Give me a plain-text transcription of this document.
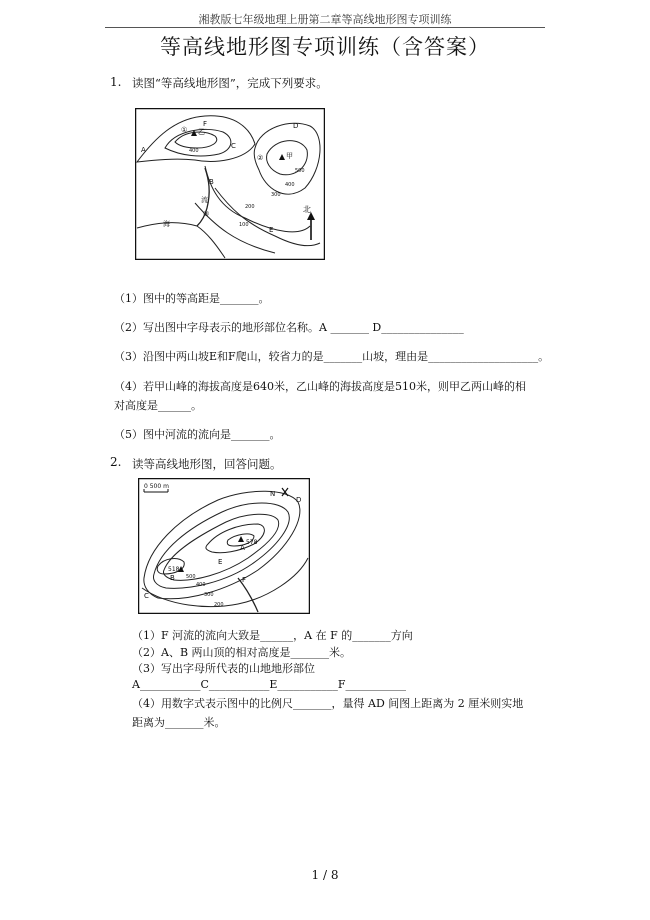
湘教版七年级地理上册第二章等高线地形图专项训练
等高线地形图专项训练（含答案）
1. 读图“等高线地形图”，完成下列要求。
A
F
C
D
B
E
乙
甲
②
①
③
海
流
北
400
400
500
300
200
100
（1）图中的等高距是_______。
（2）写出图中字母表示的地形部位名称。A _______ D_______________
（3）沿图中两山坡E和F爬山，较省力的是_______山坡，理由是____________________。
（4）若甲山峰的海拔高度是640米，乙山峰的海拔高度是510米，则甲乙两山峰的相
对高度是______。
（5）图中河流的流向是_______。
2. 读等高线地形图，回答问题。
0 500 m
N
D
A
578
B
518
C
E
F
500
400
300
200
（1）F 河流的流向大致是______，A 在 F 的_______方向
（2）A、B 两山顶的相对高度是_______米。
（3）写出字母所代表的山地地形部位
A___________C___________E___________F___________
（4）用数字式表示图中的比例尺_______，量得 AD 间图上距离为 2 厘米则实地
距离为_______米。
1 / 8
